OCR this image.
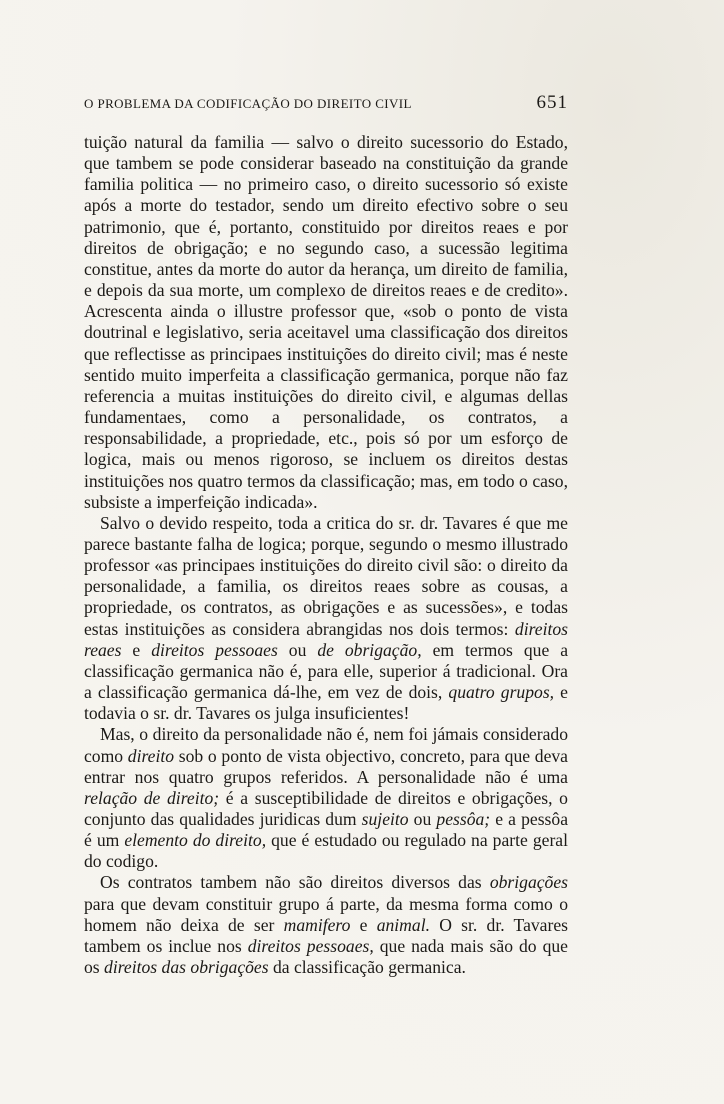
O PROBLEMA DA CODIFICAÇÃO DO DIREITO CIVIL	651

tuição natural da familia — salvo o direito sucessorio do Estado, que tambem se pode considerar baseado na constituição da grande familia politica — no primeiro caso, o direito sucessorio só existe após a morte do testador, sendo um direito efectivo sobre o seu patrimonio, que é, portanto, constituido por direitos reaes e por direitos de obrigação; e no segundo caso, a sucessão legitima constitue, antes da morte do autor da herança, um direito de familia, e depois da sua morte, um complexo de direitos reaes e de credito». Acrescenta ainda o illustre professor que, «sob o ponto de vista doutrinal e legislativo, seria aceitavel uma classificação dos direitos que reflectisse as principaes instituições do direito civil; mas é neste sentido muito imperfeita a classificação germanica, porque não faz referencia a muitas instituições do direito civil, e algumas dellas fundamentaes, como a personalidade, os contratos, a responsabilidade, a propriedade, etc., pois só por um esforço de logica, mais ou menos rigoroso, se incluem os direitos destas instituições nos quatro termos da classificação; mas, em todo o caso, subsiste a imperfeição indicada».

Salvo o devido respeito, toda a critica do sr. dr. Tavares é que me parece bastante falha de logica; porque, segundo o mesmo illustrado professor «as principaes instituições do direito civil são: o direito da personalidade, a familia, os direitos reaes sobre as cousas, a propriedade, os contratos, as obrigações e as sucessões», e todas estas instituições as considera abrangidas nos dois termos: direitos reaes e direitos pessoaes ou de obrigação, em termos que a classificação germanica não é, para elle, superior á tradicional. Ora a classificação germanica dá-lhe, em vez de dois, quatro grupos, e todavia o sr. dr. Tavares os julga insuficientes!

Mas, o direito da personalidade não é, nem foi jámais considerado como direito sob o ponto de vista objectivo, concreto, para que deva entrar nos quatro grupos referidos. A personalidade não é uma relação de direito; é a susceptibilidade de direitos e obrigações, o conjunto das qualidades juridicas dum sujeito ou pessôa; e a pessôa é um elemento do direito, que é estudado ou regulado na parte geral do codigo.

Os contratos tambem não são direitos diversos das obrigações para que devam constituir grupo á parte, da mesma forma como o homem não deixa de ser mamifero e animal. O sr. dr. Tavares tambem os inclue nos direitos pessoaes, que nada mais são do que os direitos das obrigações da classificação germanica.
